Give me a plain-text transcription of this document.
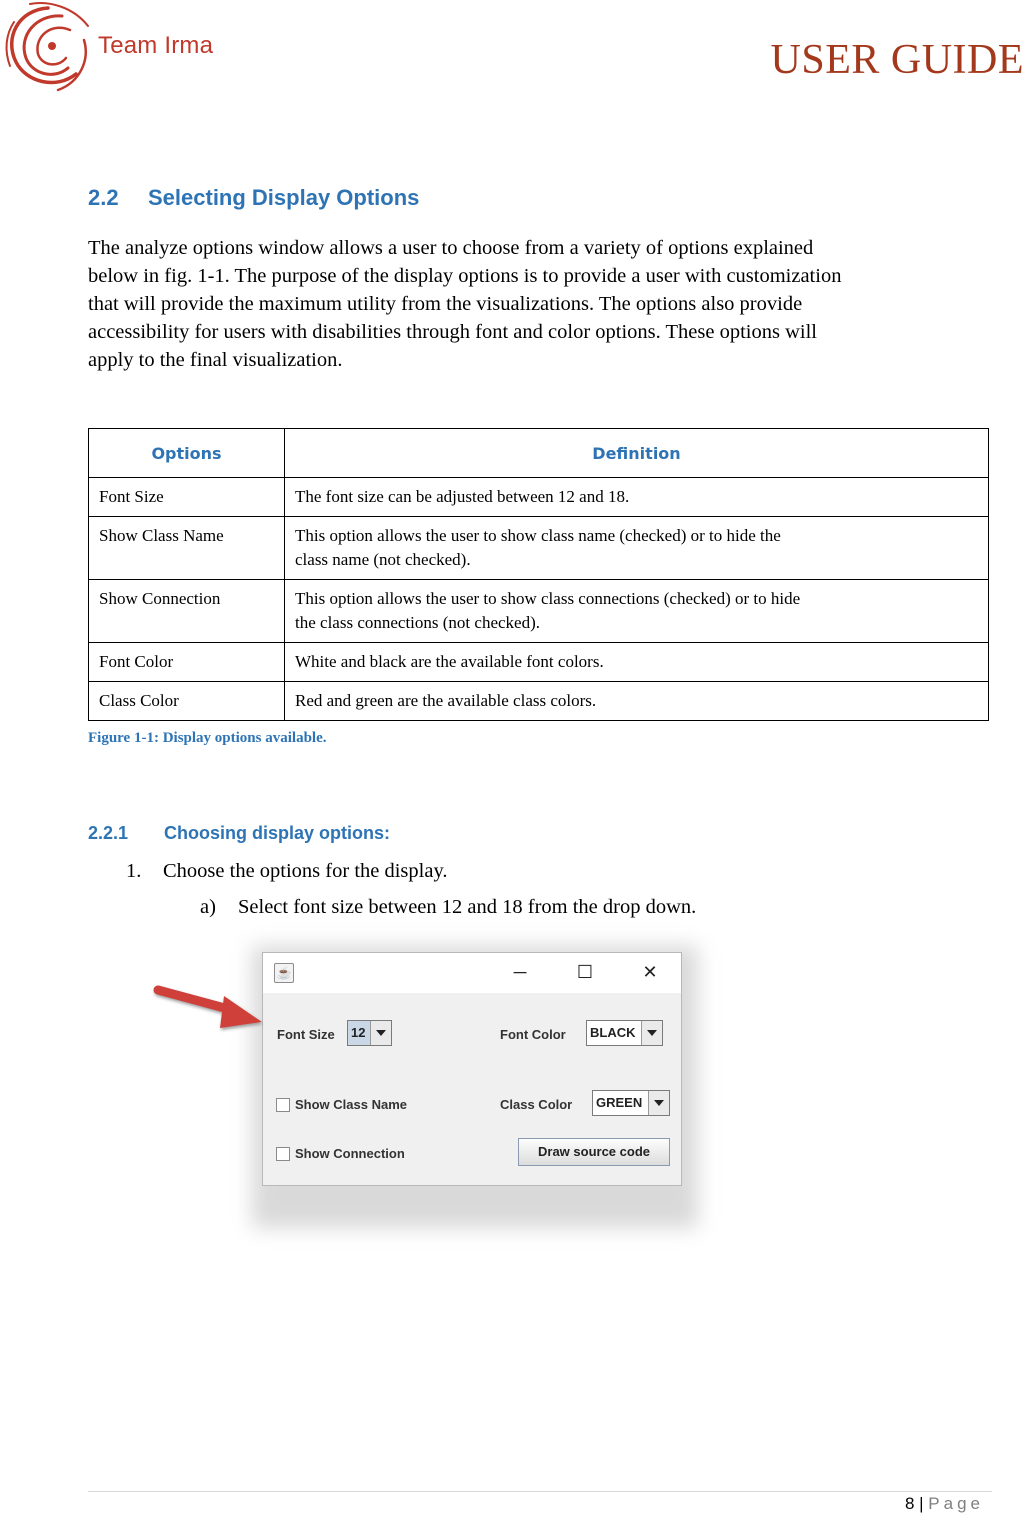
Team Irma	USER GUIDE
2.2 Selecting Display Options
The analyze options window allows a user to choose from a variety of options explained
below in fig. 1-1. The purpose of the display options is to provide a user with customization
that will provide the maximum utility from the visualizations. The options also provide
accessibility for users with disabilities through font and color options. These options will
apply to the final visualization.
Options	Definition
Font Size	The font size can be adjusted between 12 and 18.
Show Class Name	This option allows the user to show class name (checked) or to hide the
class name (not checked).

Show Connection	This option allows the user to show class connections (checked) or to hide
the class connections (not checked).

Font Color	White and black are the available font colors.
Class Color	Red and green are the available class colors.
Figure 1-1: Display options available.
2.2.1 Choosing display options:
1. Choose the options for the display.
a) Select font size between 12 and 18 from the drop down.
☕	─	☐	✕
Font Size 12	Font Color BLACK
Show Class Name	Class Color GREEN
Show Connection	Draw source code
8 | Page
